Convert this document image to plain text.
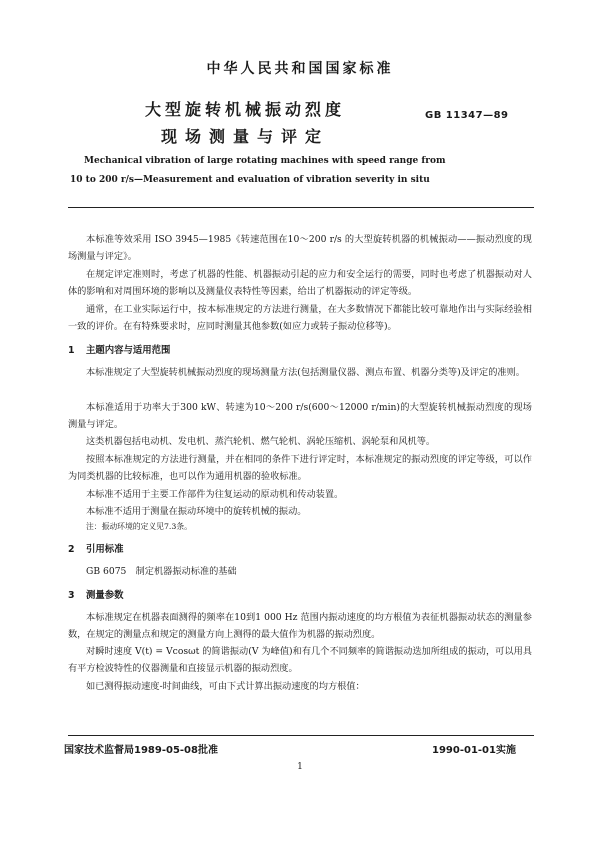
中华人民共和国国家标准
大型旋转机械振动烈度
现场测量与评定
GB 11347—89
Mechanical vibration of large rotating machines with speed range from
10 to 200 r/s—Measurement and evaluation of vibration severity in situ
本标准等效采用 ISO 3945—1985《转速范围在10～200 r/s 的大型旋转机器的机械振动——振动烈度的现场测量与评定》。
在规定评定准则时，考虑了机器的性能、机器振动引起的应力和安全运行的需要，同时也考虑了机器振动对人体的影响和对周围环境的影响以及测量仪表特性等因素，给出了机器振动的评定等级。
通常，在工业实际运行中，按本标准规定的方法进行测量，在大多数情况下都能比较可靠地作出与实际经验相一致的评价。在有特殊要求时，应同时测量其他参数(如应力或转子振动位移等)。
1 主题内容与适用范围
本标准规定了大型旋转机械振动烈度的现场测量方法(包括测量仪器、测点布置、机器分类等)及评定的准则。
本标准适用于功率大于300 kW、转速为10～200 r/s(600～12000 r/min)的大型旋转机械振动烈度的现场测量与评定。
这类机器包括电动机、发电机、蒸汽轮机、燃气轮机、涡轮压缩机、涡轮泵和风机等。
按照本标准规定的方法进行测量，并在相同的条件下进行评定时，本标准规定的振动烈度的评定等级，可以作为同类机器的比较标准，也可以作为通用机器的验收标准。
本标准不适用于主要工作部件为往复运动的原动机和传动装置。
本标准不适用于测量在振动环境中的旋转机械的振动。
注：振动环境的定义见7.3条。
2 引用标准
GB 6075　制定机器振动标准的基础
3 测量参数
本标准规定在机器表面测得的频率在10到1 000 Hz 范围内振动速度的均方根值为表征机器振动状态的测量参数，在规定的测量点和规定的测量方向上测得的最大值作为机器的振动烈度。
对瞬时速度 V(t) = Vcosωt 的简谐振动(V 为峰值)和有几个不同频率的简谐振动迭加所组成的振动，可以用具有平方检波特性的仪器测量和直接显示机器的振动烈度。
如已测得振动速度-时间曲线，可由下式计算出振动速度的均方根值：
国家技术监督局1989-05-08批准	1990-01-01实施
1
